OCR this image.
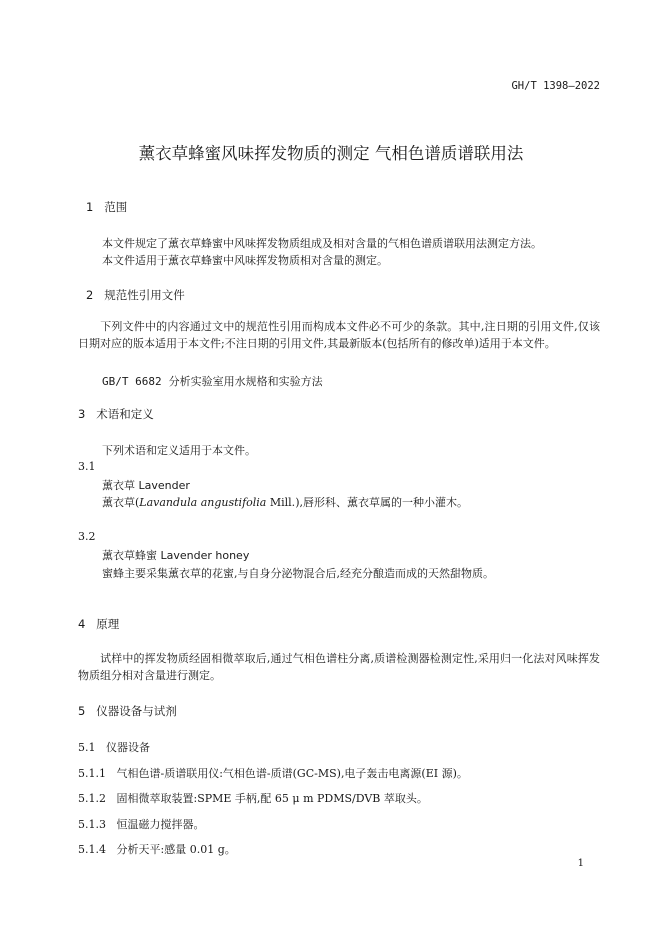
GH/T 1398—2022
薰衣草蜂蜜风味挥发物质的测定 气相色谱质谱联用法
1 范围
本文件规定了薰衣草蜂蜜中风味挥发物质组成及相对含量的气相色谱质谱联用法测定方法。
本文件适用于薰衣草蜂蜜中风味挥发物质相对含量的测定。
2 规范性引用文件
下列文件中的内容通过文中的规范性引用而构成本文件必不可少的条款。其中,注日期的引用文件,仅该日期对应的版本适用于本文件;不注日期的引用文件,其最新版本(包括所有的修改单)适用于本文件。
GB/T 6682 分析实验室用水规格和实验方法
3 术语和定义
下列术语和定义适用于本文件。
3.1
薰衣草 Lavender
薰衣草(Lavandula angustifolia Mill.),唇形科、薰衣草属的一种小灌木。
3.2
薰衣草蜂蜜 Lavender honey
蜜蜂主要采集薰衣草的花蜜,与自身分泌物混合后,经充分酿造而成的天然甜物质。
4 原理
试样中的挥发物质经固相微萃取后,通过气相色谱柱分离,质谱检测器检测定性,采用归一化法对风味挥发物质组分相对含量进行测定。
5 仪器设备与试剂
5.1 仪器设备
5.1.1 气相色谱-质谱联用仪:气相色谱-质谱(GC-MS),电子轰击电离源(EI 源)。
5.1.2 固相微萃取装置:SPME 手柄,配 65 μ m PDMS/DVB 萃取头。
5.1.3 恒温磁力搅拌器。
5.1.4 分析天平:感量 0.01 g。
1
